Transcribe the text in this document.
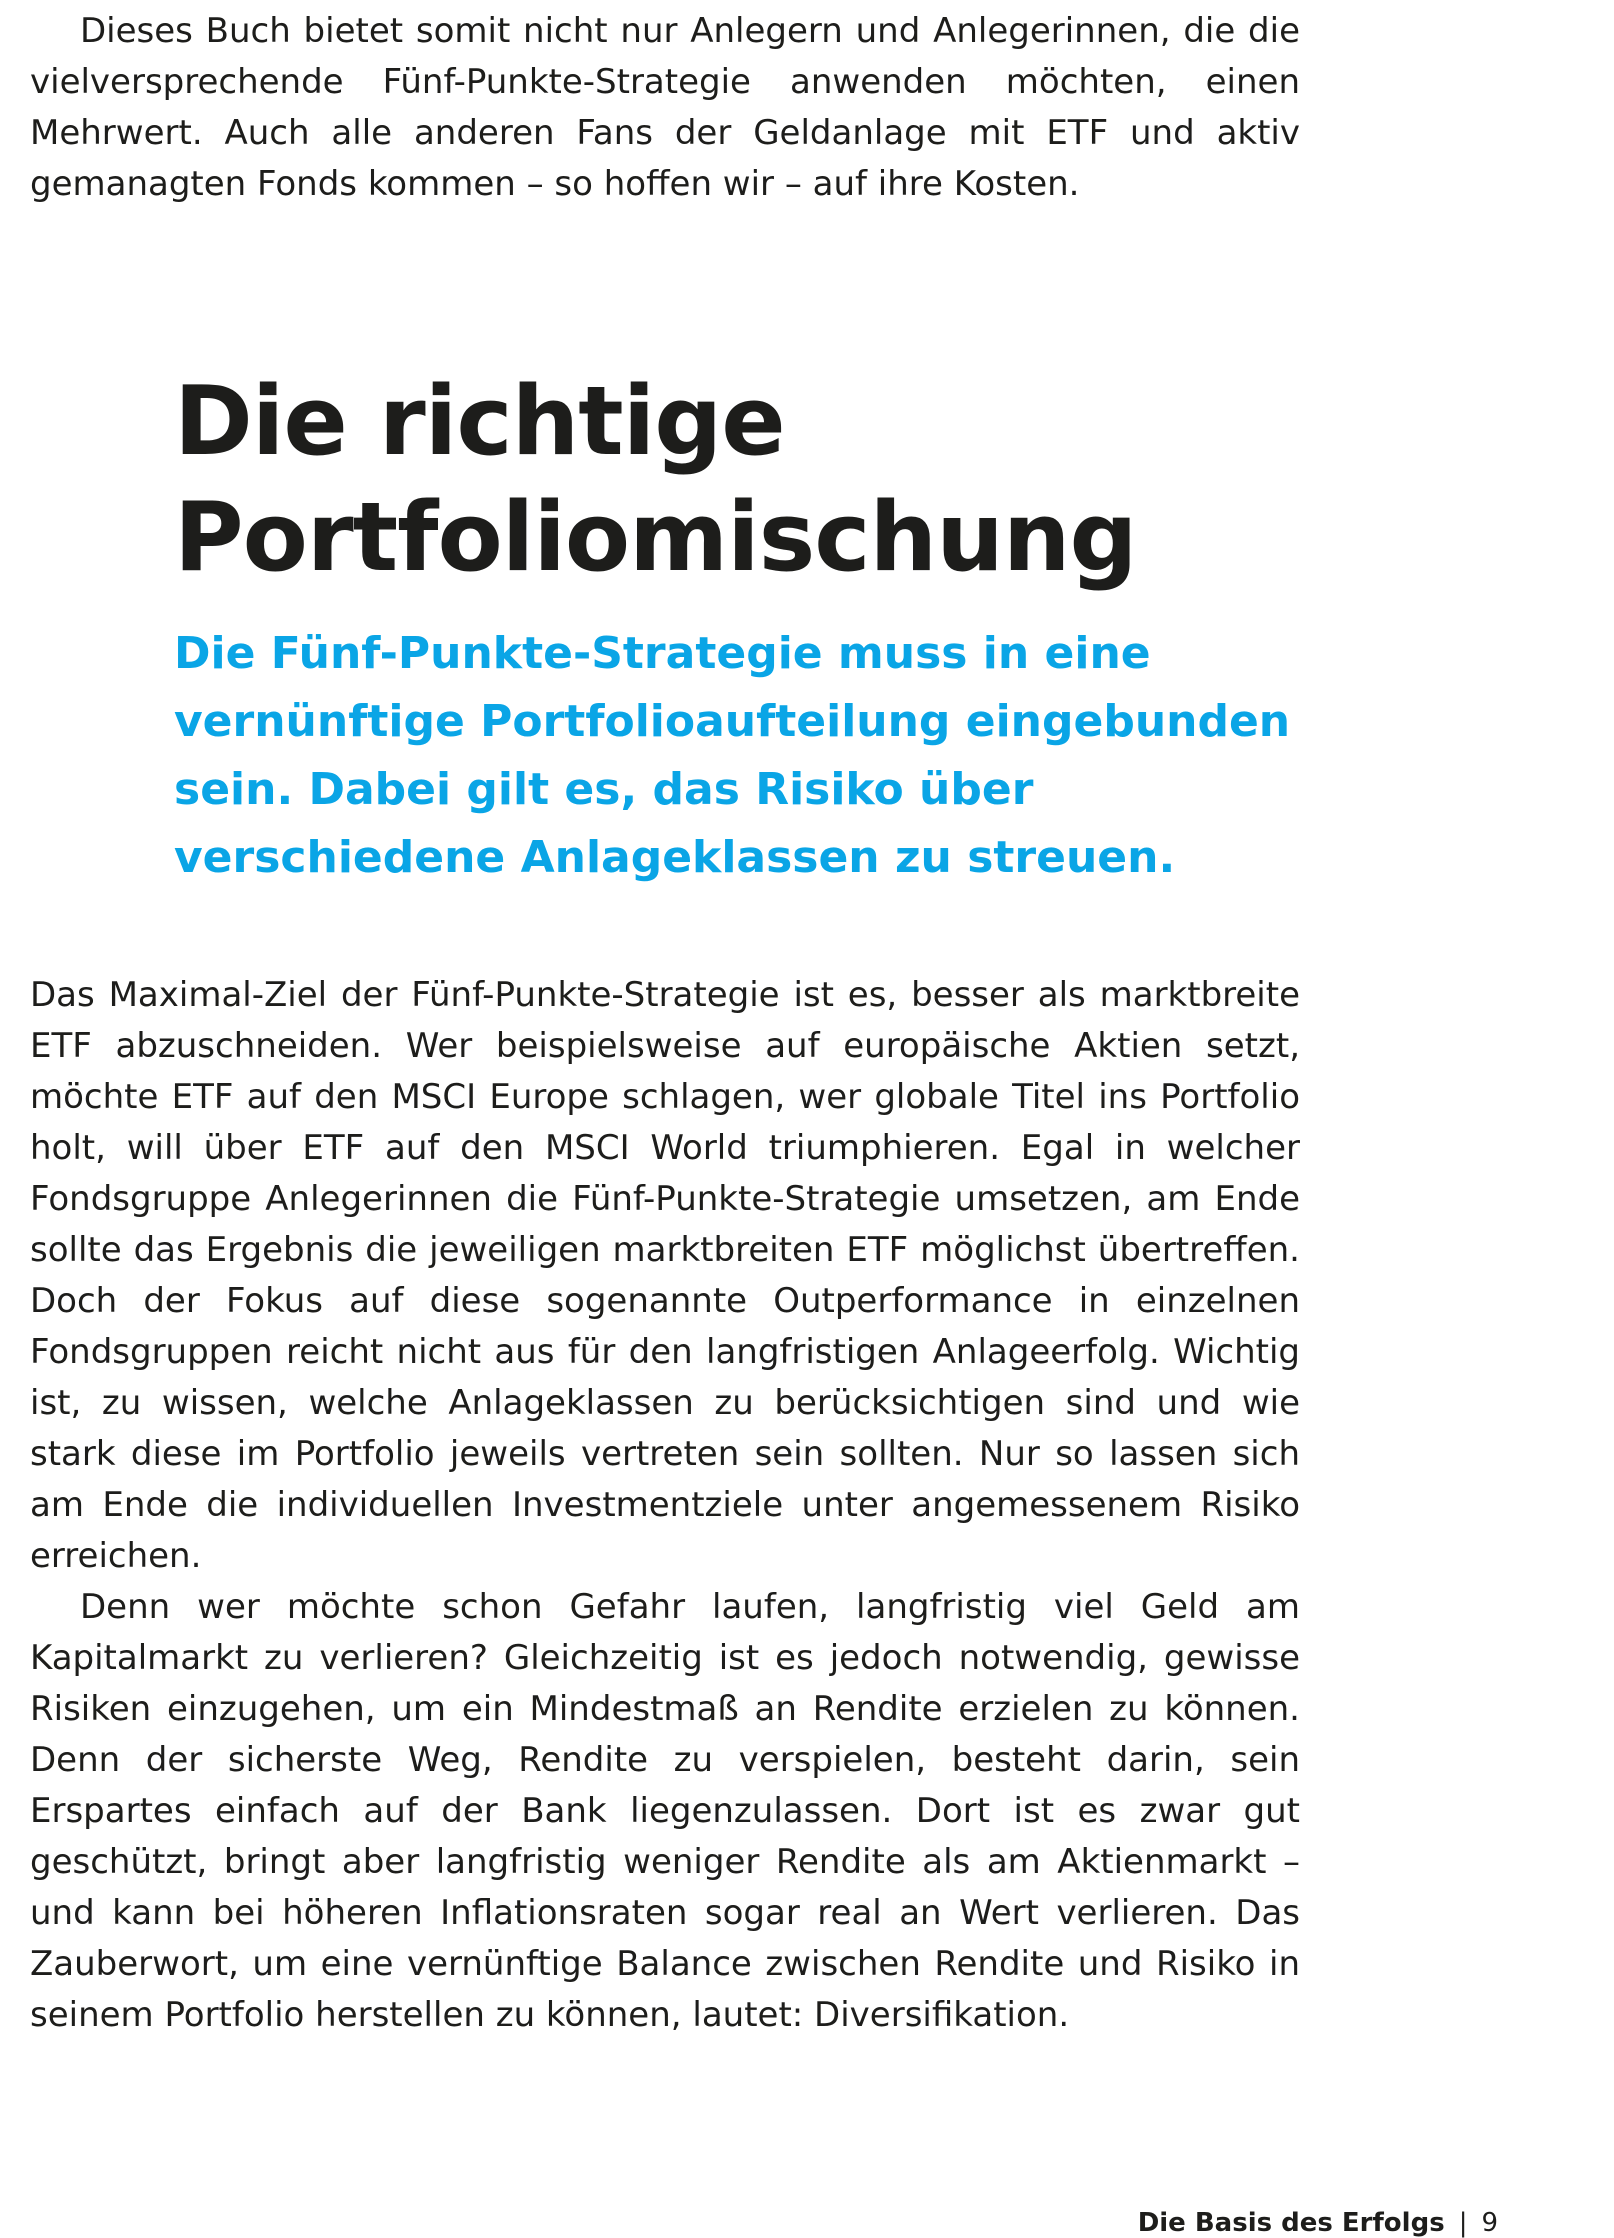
Dieses Buch bietet somit nicht nur Anlegern und Anlegerinnen, die die vielversprechende Fünf-Punkte-Strategie anwenden möchten, einen Mehrwert. Auch alle anderen Fans der Geldanlage mit ETF und aktiv gemanagten Fonds kommen – so hoffen wir – auf ihre Kosten.

Die richtige
Portfoliomischung

Die Fünf-Punkte-Strategie muss in eine vernünftige Portfolioaufteilung eingebunden sein. Dabei gilt es, das Risiko über verschiedene Anlageklassen zu streuen.

Das Maximal-Ziel der Fünf-Punkte-Strategie ist es, besser als marktbreite ETF abzuschneiden. Wer beispielsweise auf europäische Aktien setzt, möchte ETF auf den MSCI Europe schlagen, wer globale Titel ins Portfolio holt, will über ETF auf den MSCI World triumphieren. Egal in welcher Fondsgruppe Anlegerinnen die Fünf-Punkte-Strategie umsetzen, am Ende sollte das Ergebnis die jeweiligen marktbreiten ETF möglichst übertreffen. Doch der Fokus auf diese sogenannte Outperformance in einzelnen Fondsgruppen reicht nicht aus für den langfristigen Anlageerfolg. Wichtig ist, zu wissen, welche Anlageklassen zu berücksichtigen sind und wie stark diese im Portfolio jeweils vertreten sein sollten. Nur so lassen sich am Ende die individuellen Investmentziele unter angemessenem Risiko erreichen.

Denn wer möchte schon Gefahr laufen, langfristig viel Geld am Kapitalmarkt zu verlieren? Gleichzeitig ist es jedoch notwendig, gewisse Risiken einzugehen, um ein Mindestmaß an Rendite erzielen zu können. Denn der sicherste Weg, Rendite zu verspielen, besteht darin, sein Erspartes einfach auf der Bank liegenzulassen. Dort ist es zwar gut geschützt, bringt aber langfristig weniger Rendite als am Aktienmarkt – und kann bei höheren Inflationsraten sogar real an Wert verlieren. Das Zauberwort, um eine vernünftige Balance zwischen Rendite und Risiko in seinem Portfolio herstellen zu können, lautet: Diversifikation.

Die Basis des Erfolgs | 9
